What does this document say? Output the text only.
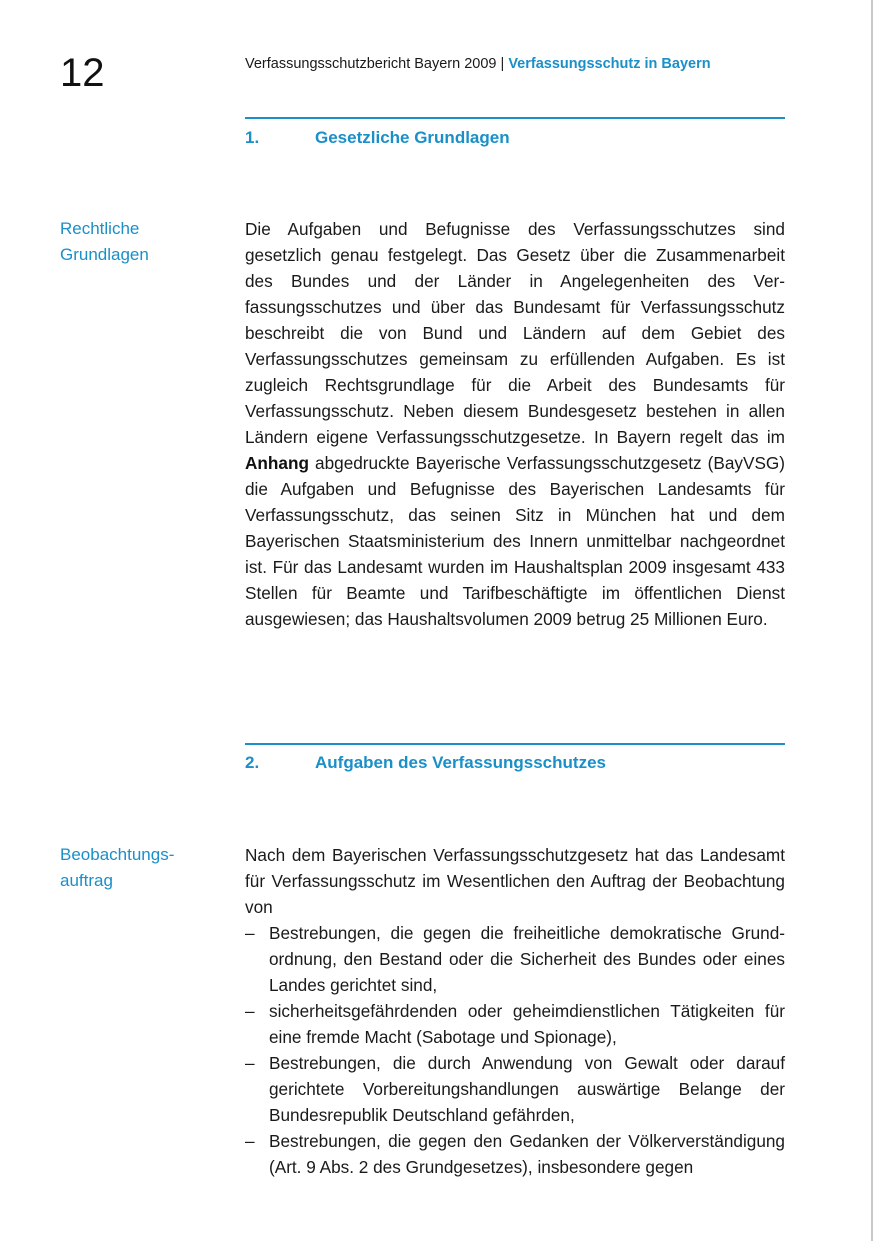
12	Verfassungsschutzbericht Bayern 2009 | Verfassungsschutz in Bayern
1.	Gesetzliche Grundlagen
Rechtliche
Grundlagen
Die Aufgaben und Befugnisse des Verfassungsschutzes sind gesetzlich genau festgelegt. Das Gesetz über die Zusammenarbeit des Bundes und der Länder in Angelegenheiten des Verfassungsschutzes und über das Bundesamt für Verfassungsschutz beschreibt die von Bund und Ländern auf dem Gebiet des Verfassungsschutzes gemeinsam zu erfüllenden Aufgaben. Es ist zugleich Rechtsgrundlage für die Arbeit des Bundesamts für Verfassungsschutz. Neben diesem Bundesgesetz bestehen in allen Ländern eigene Verfassungsschutzgesetze. In Bayern regelt das im Anhang abgedruckte Bayerische Verfassungsschutzgesetz (BayVSG) die Aufgaben und Befugnisse des Bayerischen Landesamts für Verfassungsschutz, das seinen Sitz in München hat und dem Bayerischen Staatsministerium des Innern unmittelbar nachgeordnet ist. Für das Landesamt wurden im Haushaltsplan 2009 insgesamt 433 Stellen für Beamte und Tarifbeschäftigte im öffentlichen Dienst ausgewiesen; das Haushaltsvolumen 2009 betrug 25 Millionen Euro.
2.	Aufgaben des Verfassungsschutzes
Beobachtungs-
auftrag
Nach dem Bayerischen Verfassungsschutzgesetz hat das Landesamt für Verfassungsschutz im Wesentlichen den Auftrag der Beobachtung von
– Bestrebungen, die gegen die freiheitliche demokratische Grundordnung, den Bestand oder die Sicherheit des Bundes oder eines Landes gerichtet sind,
– sicherheitsgefährdenden oder geheimdienstlichen Tätigkeiten für eine fremde Macht (Sabotage und Spionage),
– Bestrebungen, die durch Anwendung von Gewalt oder darauf gerichtete Vorbereitungshandlungen auswärtige Belange der Bundesrepublik Deutschland gefährden,
– Bestrebungen, die gegen den Gedanken der Völkerverständigung (Art. 9 Abs. 2 des Grundgesetzes), insbesondere gegen
